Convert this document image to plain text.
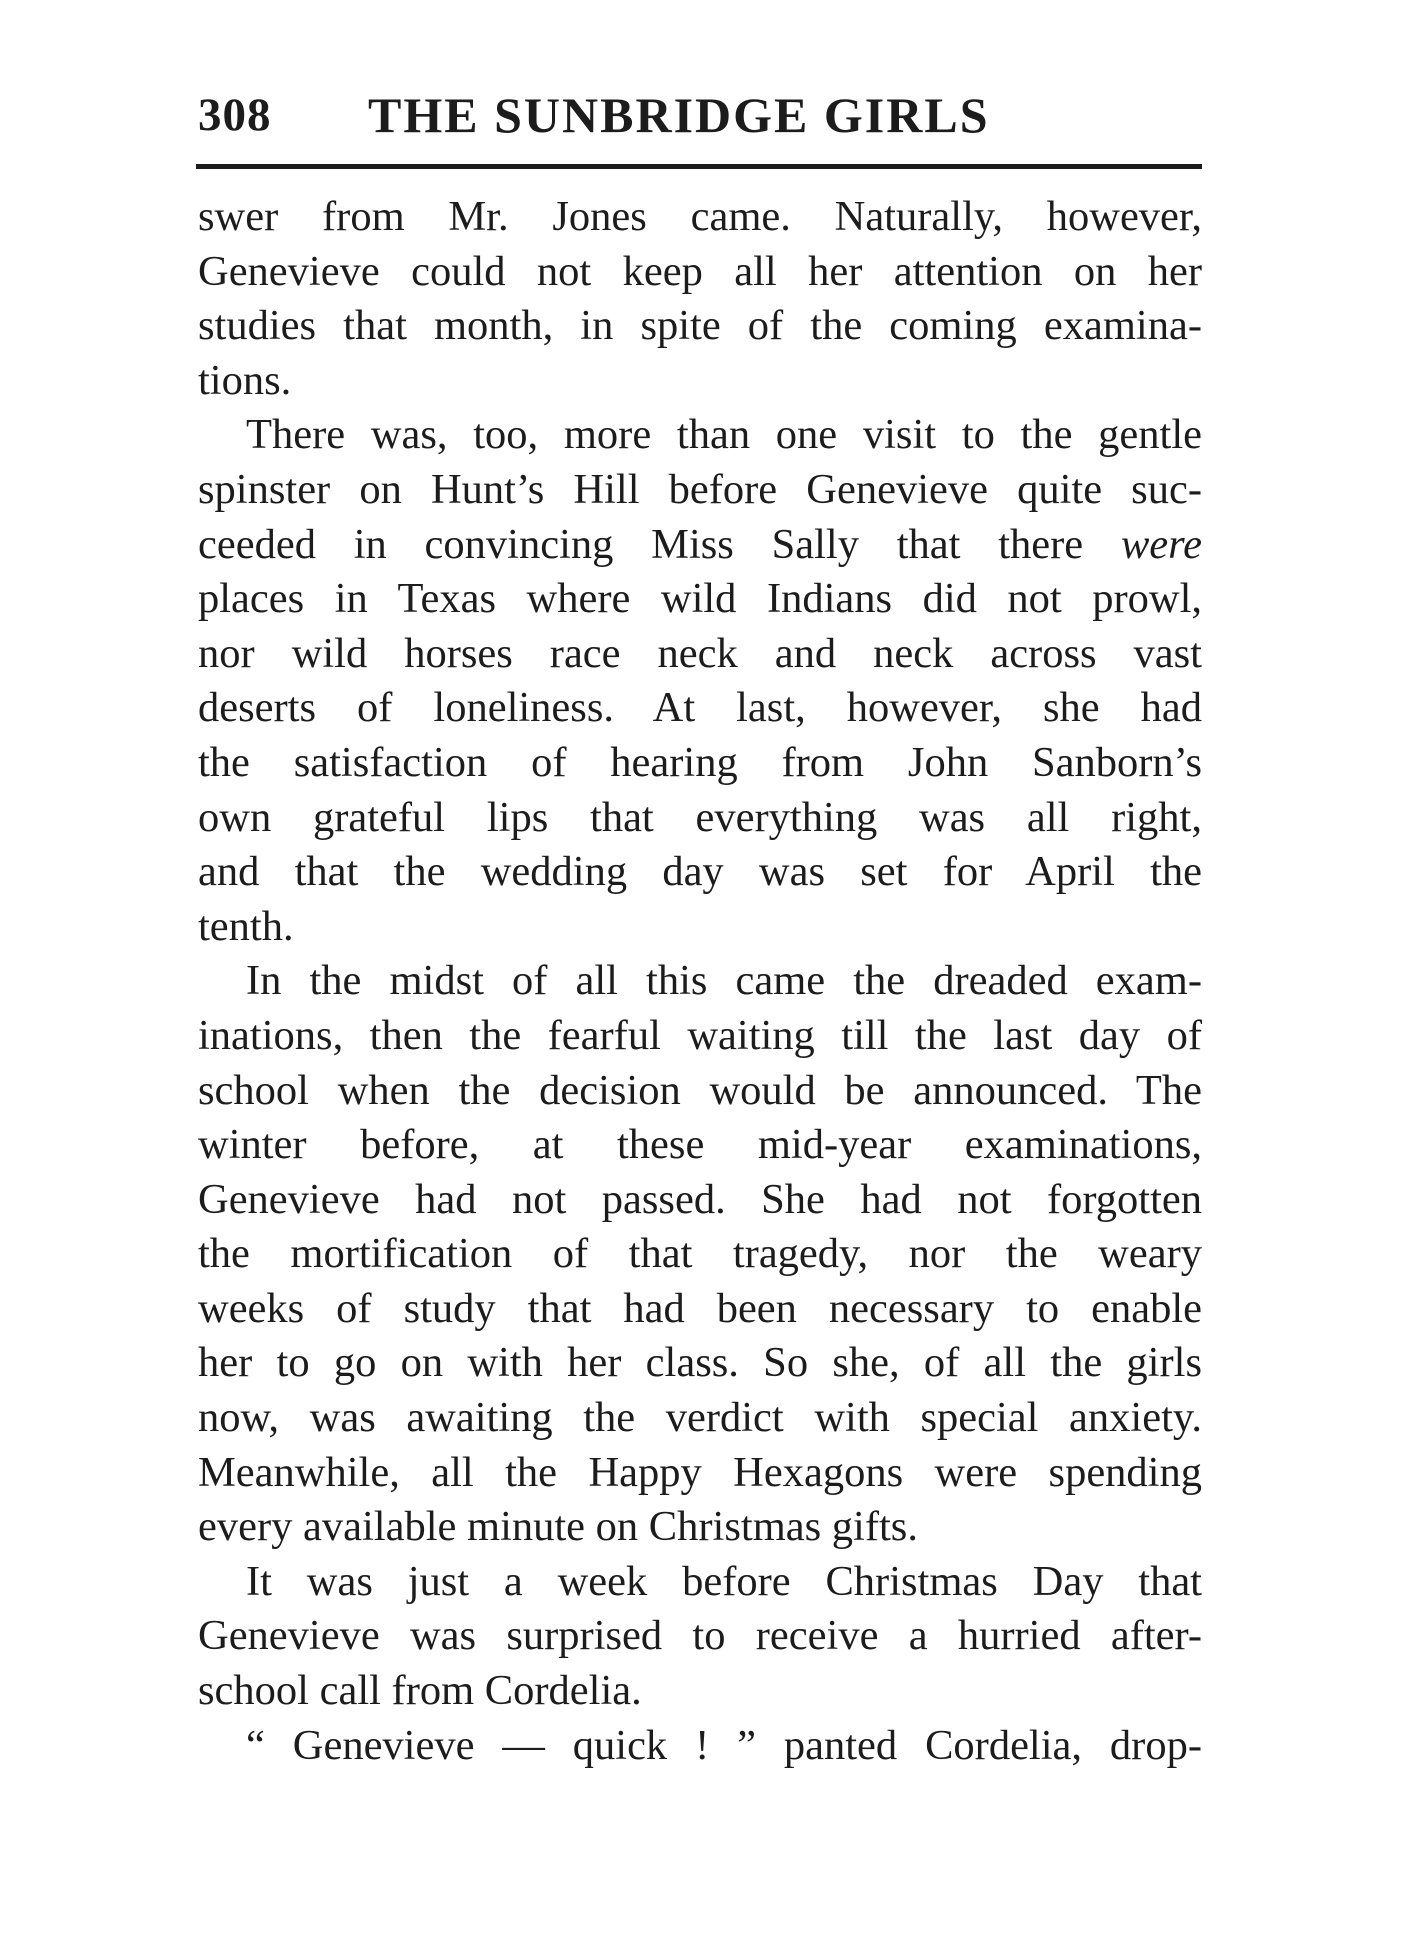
308 THE SUNBRIDGE GIRLS
swer from Mr. Jones came. Naturally, however,
Genevieve could not keep all her attention on her
studies that month, in spite of the coming examina-
tions.
There was, too, more than one visit to the gentle
spinster on Hunt’s Hill before Genevieve quite suc-
ceeded in convincing Miss Sally that there were
places in Texas where wild Indians did not prowl,
nor wild horses race neck and neck across vast
deserts of loneliness. At last, however, she had
the satisfaction of hearing from John Sanborn’s
own grateful lips that everything was all right,
and that the wedding day was set for April the
tenth.
In the midst of all this came the dreaded exam-
inations, then the fearful waiting till the last day of
school when the decision would be announced. The
winter before, at these mid-year examinations,
Genevieve had not passed. She had not forgotten
the mortification of that tragedy, nor the weary
weeks of study that had been necessary to enable
her to go on with her class. So she, of all the girls
now, was awaiting the verdict with special anxiety.
Meanwhile, all the Happy Hexagons were spending
every available minute on Christmas gifts.
It was just a week before Christmas Day that
Genevieve was surprised to receive a hurried after-
school call from Cordelia.
“ Genevieve — quick ! ” panted Cordelia, drop-
